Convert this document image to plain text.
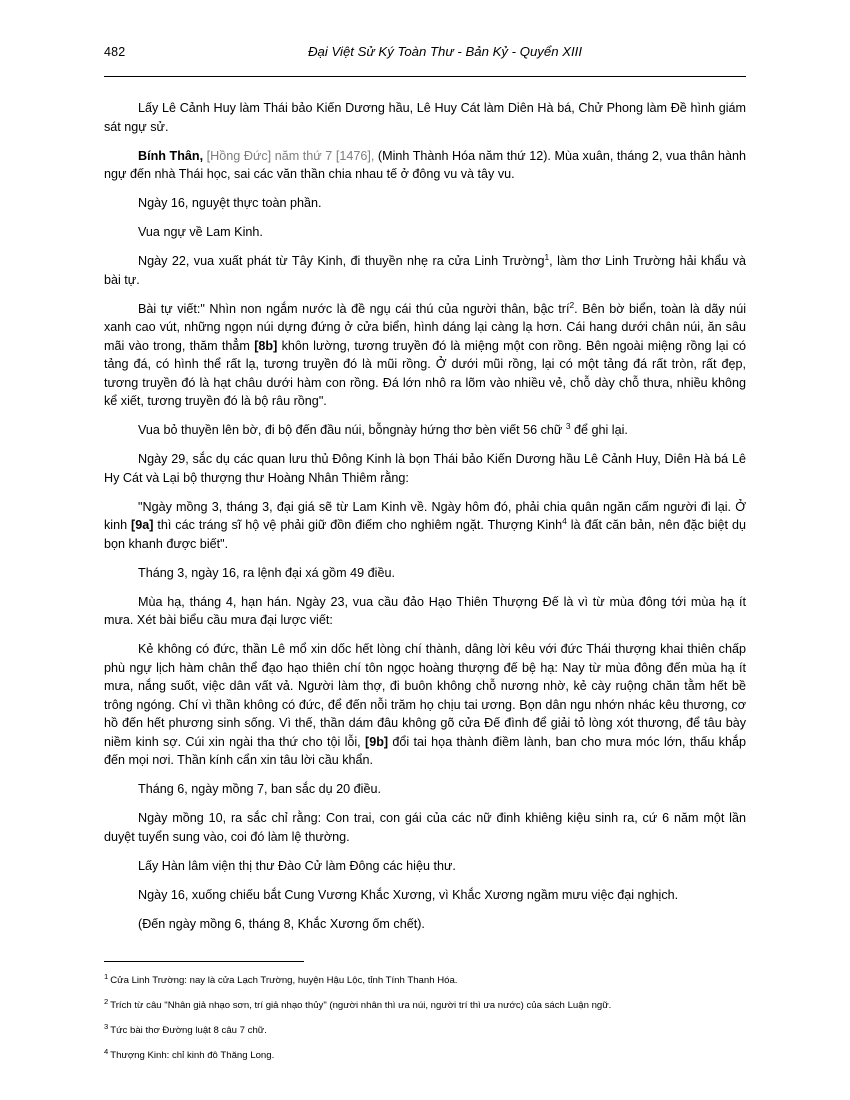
482	Đại Việt Sử Ký Toàn Thư - Bản Kỷ - Quyển XIII

Lấy Lê Cảnh Huy làm Thái bảo Kiến Dương hầu, Lê Huy Cát làm Diên Hà bá, Chử Phong làm Đề hình giám sát ngự sử.

Bính Thân, [Hồng Đức] năm thứ 7 [1476], (Minh Thành Hóa năm thứ 12). Mùa xuân, tháng 2, vua thân hành ngự đến nhà Thái học, sai các văn thần chia nhau tế ở đông vu và tây vu.

Ngày 16, nguyệt thực toàn phần.

Vua ngự về Lam Kinh.

Ngày 22, vua xuất phát từ Tây Kinh, đi thuyền nhẹ ra cửa Linh Trường$^1$, làm thơ Linh Trường hải khẩu và bài tự.

Bài tự viết:" Nhìn non ngắm nước là đề ngụ cái thú của người thân, bậc trí$^2$. Bên bờ biển, toàn là dãy núi xanh cao vút, những ngọn núi dựng đứng ở cửa biển, hình dáng lại càng lạ hơn. Cái hang dưới chân núi, ăn sâu mãi vào trong, thăm thẳm [8b] khôn lường, tương truyền đó là miệng một con rồng. Bên ngoài miệng rồng lại có tảng đá, có hình thể rất lạ, tương truyền đó là mũi rồng. Ở dưới mũi rồng, lại có một tảng đá rất tròn, rất đẹp, tương truyền đó là hạt châu dưới hàm con rồng. Đá lớn nhô ra lõm vào nhiều vẻ, chỗ dày chỗ thưa, nhiều không kể xiết, tương truyền đó là bộ râu rồng".

Vua bỏ thuyền lên bờ, đi bộ đến đầu núi, bỗngnày hứng thơ bèn viết 56 chữ $^3$ để ghi lại.

Ngày 29, sắc dụ các quan lưu thủ Đông Kinh là bọn Thái bảo Kiến Dương hầu Lê Cảnh Huy, Diên Hà bá Lê Hy Cát và Lại bộ thượng thư Hoàng Nhân Thiêm rằng:

"Ngày mồng 3, tháng 3, đại giá sẽ từ Lam Kinh về. Ngày hôm đó, phải chia quân ngăn cấm người đi lại. Ở kinh [9a] thì các tráng sĩ hộ vệ phải giữ đồn điếm cho nghiêm ngặt. Thượng Kinh$^4$ là đất căn bản, nên đặc biệt dụ bọn khanh được biết".

Tháng 3, ngày 16, ra lệnh đại xá gồm 49 điều.

Mùa hạ, tháng 4, hạn hán. Ngày 23, vua cầu đảo Hạo Thiên Thượng Đế là vì từ mùa đông tới mùa hạ ít mưa. Xét bài biểu cầu mưa đại lược viết:

Kẻ không có đức, thần Lê mổ xin dốc hết lòng chí thành, dâng lời kêu với đức Thái thượng khai thiên chấp phù ngự lịch hàm chân thể đạo hạo thiên chí tôn ngọc hoàng thượng đế bệ hạ: Nay từ mùa đông đến mùa hạ ít mưa, nắng suốt, việc dân vất vả. Người làm thợ, đi buôn không chỗ nương nhờ, kẻ cày ruộng chăn tằm hết bề trông ngóng. Chí vì thần không có đức, để đến nỗi trăm họ chịu tai ương. Bọn dân ngu nhớn nhác kêu thương, cơ hồ đến hết phương sinh sống. Vì thế, thần dám đâu không gõ cửa Đế đình để giải tỏ lòng xót thương, để tâu bày niềm kinh sợ. Cúi xin ngài tha thứ cho tội lỗi, [9b] đổi tai họa thành điềm lành, ban cho mưa móc lớn, thấu khắp đến mọi nơi. Thần kính cẩn xin tâu lời cầu khẩn.

Tháng 6, ngày mồng 7, ban sắc dụ 20 điều.

Ngày mồng 10, ra sắc chỉ rằng: Con trai, con gái của các nữ đinh khiêng kiệu sinh ra, cứ 6 năm một lần duyệt tuyển sung vào, coi đó làm lệ thường.

Lấy Hàn lâm viện thị thư Đào Cử làm Đông các hiệu thư.

Ngày 16, xuống chiếu bắt Cung Vương Khắc Xương, vì Khắc Xương ngầm mưu việc đại nghịch.

(Đến ngày mồng 6, tháng 8, Khắc Xương ốm chết).

$^1$ Cửa Linh Trường: nay là cửa Lạch Trường, huyện Hậu Lộc, tỉnh Tính Thanh Hóa.
$^2$ Trích từ câu "Nhân giả nhạo sơn, trí giả nhạo thủy" (người nhân thì ưa núi, người trí thì ưa nước) của sách Luận ngữ.
$^3$ Tức bài thơ Đường luật 8 câu 7 chữ.
$^4$ Thượng Kinh: chỉ kinh đô Thăng Long.
